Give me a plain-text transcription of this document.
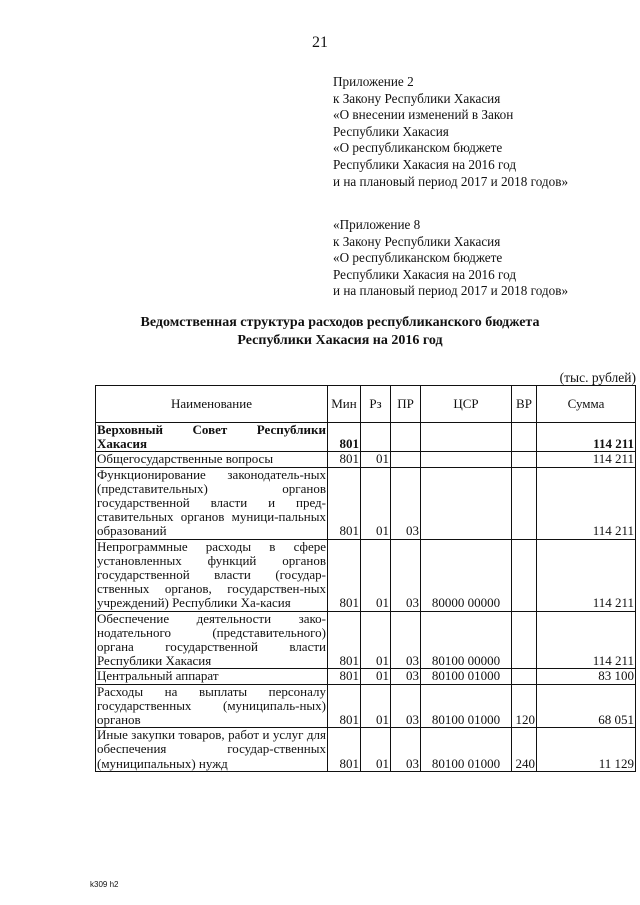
21
Приложение 2
к Закону Республики Хакасия
«О внесении изменений в Закон
Республики Хакасия
«О республиканском бюджете
Республики Хакасия на 2016 год
и на плановый период 2017 и 2018 годов»
«Приложение 8
к Закону Республики Хакасия
«О республиканском бюджете
Республики Хакасия на 2016 год
и на плановый период 2017 и 2018 годов»
Ведомственная структура расходов республиканского бюджета
Республики Хакасия на 2016 год
(тыс. рублей)
Наименование	Мин	Рз	ПР	ЦСР	ВР	Сумма
Верховный Совет Республики Хакасия	801					114 211
Общегосударственные вопросы	801	01				114 211
Функционирование законодатель-ных (представительных) органов государственной власти и пред-ставительных органов муници-пальных образований	801	01	03			114 211
Непрограммные расходы в сфере установленных функций органов государственной власти (государ-ственных органов, государствен-ных учреждений) Республики Ха-касия	801	01	03	80000 00000		114 211
Обеспечение деятельности зако-нодательного (представительного) органа государственной власти Республики Хакасия	801	01	03	80100 00000		114 211
Центральный аппарат	801	01	03	80100 01000		83 100
Расходы на выплаты персоналу государственных (муниципаль-ных) органов	801	01	03	80100 01000	120	68 051
Иные закупки товаров, работ и услуг для обеспечения государ-ственных (муниципальных) нужд	801	01	03	80100 01000	240	11 129
k309 h2
